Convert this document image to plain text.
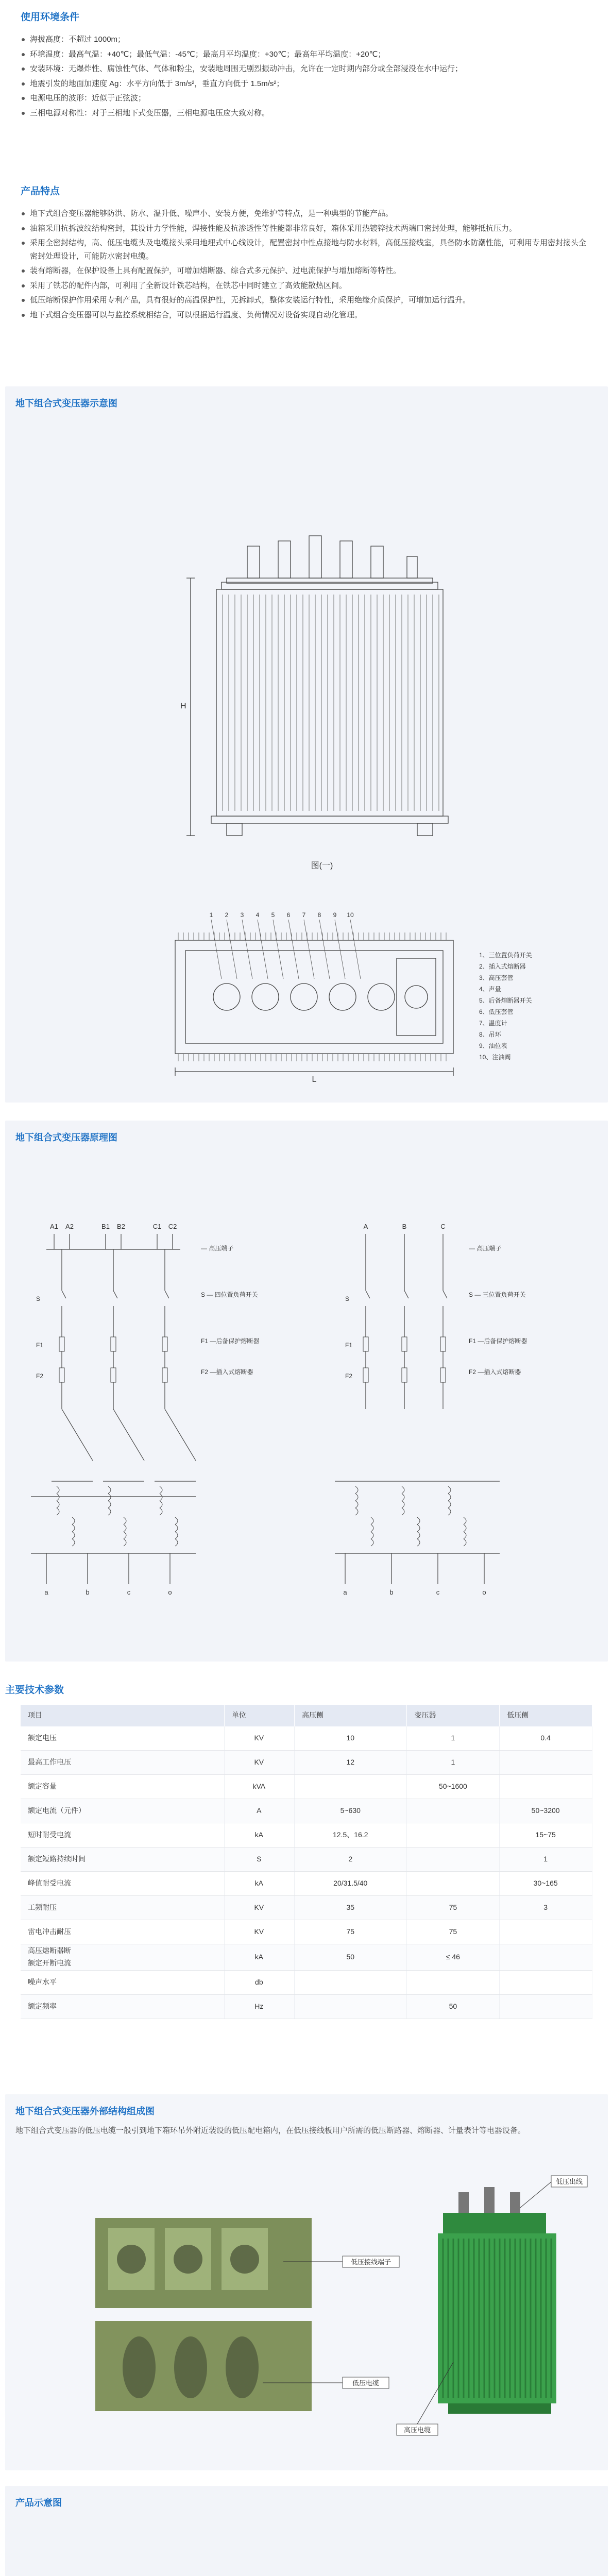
使用环境条件
海拔高度：不超过 1000m；
环境温度：最高气温：+40℃；最低气温：-45℃；最高月平均温度：+30℃；最高年平均温度：+20℃；
安装环境：无爆炸性、腐蚀性气体、气体和粉尘，安装地周围无剧烈振动冲击，允许在一定时期内部分或全部浸没在水中运行；
地震引发的地面加速度 Ag：水平方向低于 3m/s²，垂直方向低于 1.5m/s²；
电源电压的波形：近似于正弦波；
三相电源对称性：对于三相地下式变压器，三相电源电压应大致对称。
产品特点
地下式组合变压器能够防洪、防水、温升低、噪声小、安装方便，免维护等特点，是一种典型的节能产品。
油箱采用抗拆波纹结构密封，其设计力学性能，焊接性能及抗渗透性等性能都非常良好，箱体采用热镀锌技术两端口密封处理，能够抵抗压力。
采用全密封结构，高、低压电缆头及电缆接头采用地埋式中心线设计，配置密封中性点接地与防水材料，高低压接线室，具备防水防潮性能，可利用专用密封接头全密封处理设计，可能防水密封电缆。
装有熔断器，在保护设备上具有配置保护，可增加熔断器、综合式多元保护、过电流保护与增加熔断等特性。
采用了铁芯的配件内部，可利用了全新设计铁芯结构，在铁芯中同时建立了高效能散热区间。
低压熔断保护作用采用专利产品，具有很好的高温保护性，无拆卸式，整体安装运行特性，采用绝缘介质保护，可增加运行温升。
地下式组合变压器可以与监控系统相结合，可以根据运行温度、负荷情况对设备实现自动化管理。
地下组合式变压器示意图
H
图(一)
1 2 3 4 5 6 7 8 9 10
L
1、三位置负荷开关
2、插入式熔断器
3、高压套管
4、声量
5、后备熔断器开关
6、低压套管
7、温度计
8、吊环
9、油位表
10、注油阀
地下组合式变压器原理图
A1 A2	B1 B2	C1 C2
— 高压端子
S — 四位置负荷开关
F1 —后备保护熔断器
F2 —插入式熔断器
S
F1
F2
a	b	c	o
A	B	C
— 高压端子
S — 三位置负荷开关
F1 —后备保护熔断器
F2 —插入式熔断器
S
F1
F2
a	b	c	o
主要技术参数
项目	单位	高压侧	变压器	低压侧
额定电压	KV	10	1	0.4
最高工作电压	KV	12	1	
额定容量	kVA		50~1600	
额定电流（元件）	A	5~630		50~3200
短时耐受电流	kA	12.5、16.2		15~75
额定短路持续时间	S	2		1
峰值耐受电流	kA	20/31.5/40		30~165
工频耐压	KV	35	75	3
雷电冲击耐压	KV	75	75	
高压熔断器断
额定开断电流	kA	50	≤ 46	
噪声水平	db			
额定频率	Hz		50	
地下组合式变压器外部结构组成图
地下组合式变压器的低压电缆一般引到地下箱环吊外附近装设的低压配电箱内，在低压接线板用户所需的低压断路器、熔断器、计量表计等电器设备。
低压接线端子
低压电缆
低压出线
高压电缆
产品示意图
